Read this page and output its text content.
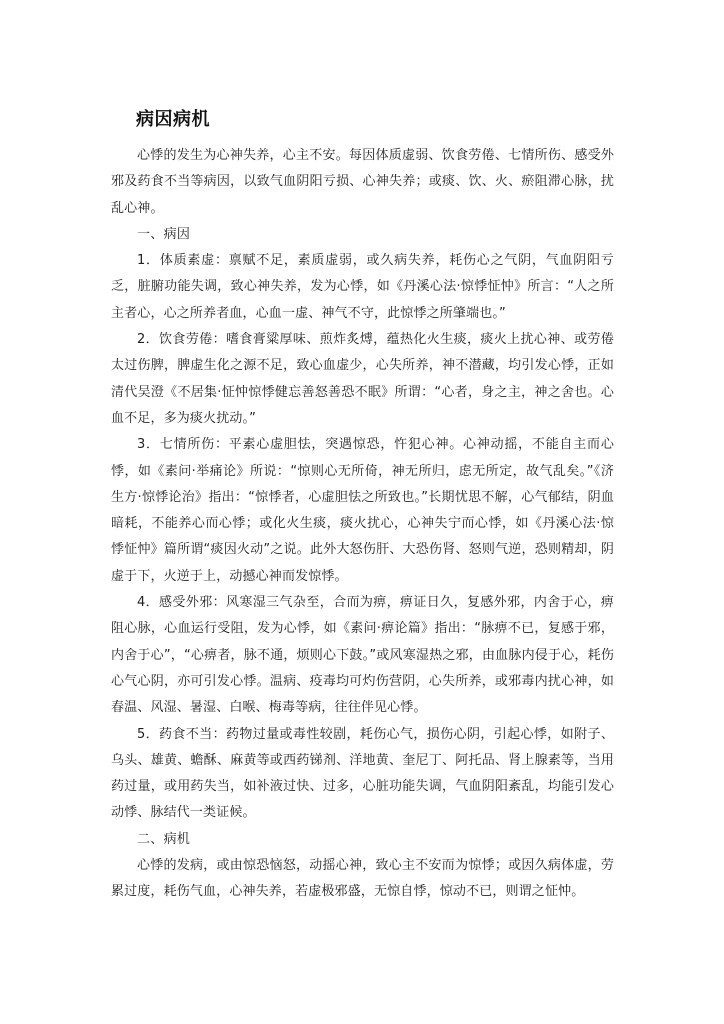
病因病机

心悸的发生为心神失养，心主不安。每因体质虚弱、饮食劳倦、七情所伤、感受外邪及药食不当等病因，以致气血阴阳亏损、心神失养；或痰、饮、火、瘀阻滞心脉，扰乱心神。

一、病因

1．体质素虚：禀赋不足，素质虚弱，或久病失养，耗伤心之气阴，气血阴阳亏乏，脏腑功能失调，致心神失养，发为心悸，如《丹溪心法·惊悸怔忡》所言：“人之所主者心，心之所养者血，心血一虚、神气不守，此惊悸之所肇端也。”

2．饮食劳倦：嗜食膏粱厚味、煎炸炙煿，蕴热化火生痰，痰火上扰心神、或劳倦太过伤脾，脾虚生化之源不足，致心血虚少，心失所养，神不潜藏，均引发心悸，正如清代吴澄《不居集·怔忡惊悸健忘善怒善恐不眠》所谓：“心者，身之主，神之舍也。心血不足，多为痰火扰动。”

3．七情所伤：平素心虚胆怯，突遇惊恐，忤犯心神。心神动摇，不能自主而心悸，如《素问·举痛论》所说：“惊则心无所倚，神无所归，虑无所定，故气乱矣。”《济生方·惊悸论治》指出：“惊悸者，心虚胆怯之所致也。”长期忧思不解，心气郁结，阴血暗耗，不能养心而心悸；或化火生痰，痰火扰心，心神失宁而心悸，如《丹溪心法·惊悸怔忡》篇所谓“痰因火动”之说。此外大怒伤肝、大恐伤肾、怒则气逆，恐则精却，阴虚于下，火逆于上，动撼心神而发惊悸。

4．感受外邪：风寒湿三气杂至，合而为痹，痹证日久，复感外邪，内舍于心，痹阻心脉，心血运行受阻，发为心悸，如《素问·痹论篇》指出：“脉痹不已，复感于邪，内舍于心”，“心痹者，脉不通，烦则心下鼓。”或风寒湿热之邪，由血脉内侵于心，耗伤心气心阴，亦可引发心悸。温病、疫毒均可灼伤营阴，心失所养，或邪毒内扰心神，如春温、风湿、暑湿、白喉、梅毒等病，往往伴见心悸。

5．药食不当：药物过量或毒性较剧，耗伤心气，损伤心阴，引起心悸，如附子、乌头、雄黄、蟾酥、麻黄等或西药锑剂、洋地黄、奎尼丁、阿托品、肾上腺素等，当用药过量，或用药失当，如补液过快、过多，心脏功能失调，气血阴阳紊乱，均能引发心动悸、脉结代一类证候。

二、病机

心悸的发病，或由惊恐恼怒，动摇心神，致心主不安而为惊悸；或因久病体虚，劳累过度，耗伤气血，心神失养，若虚极邪盛，无惊自悸，惊动不已，则谓之怔忡。
